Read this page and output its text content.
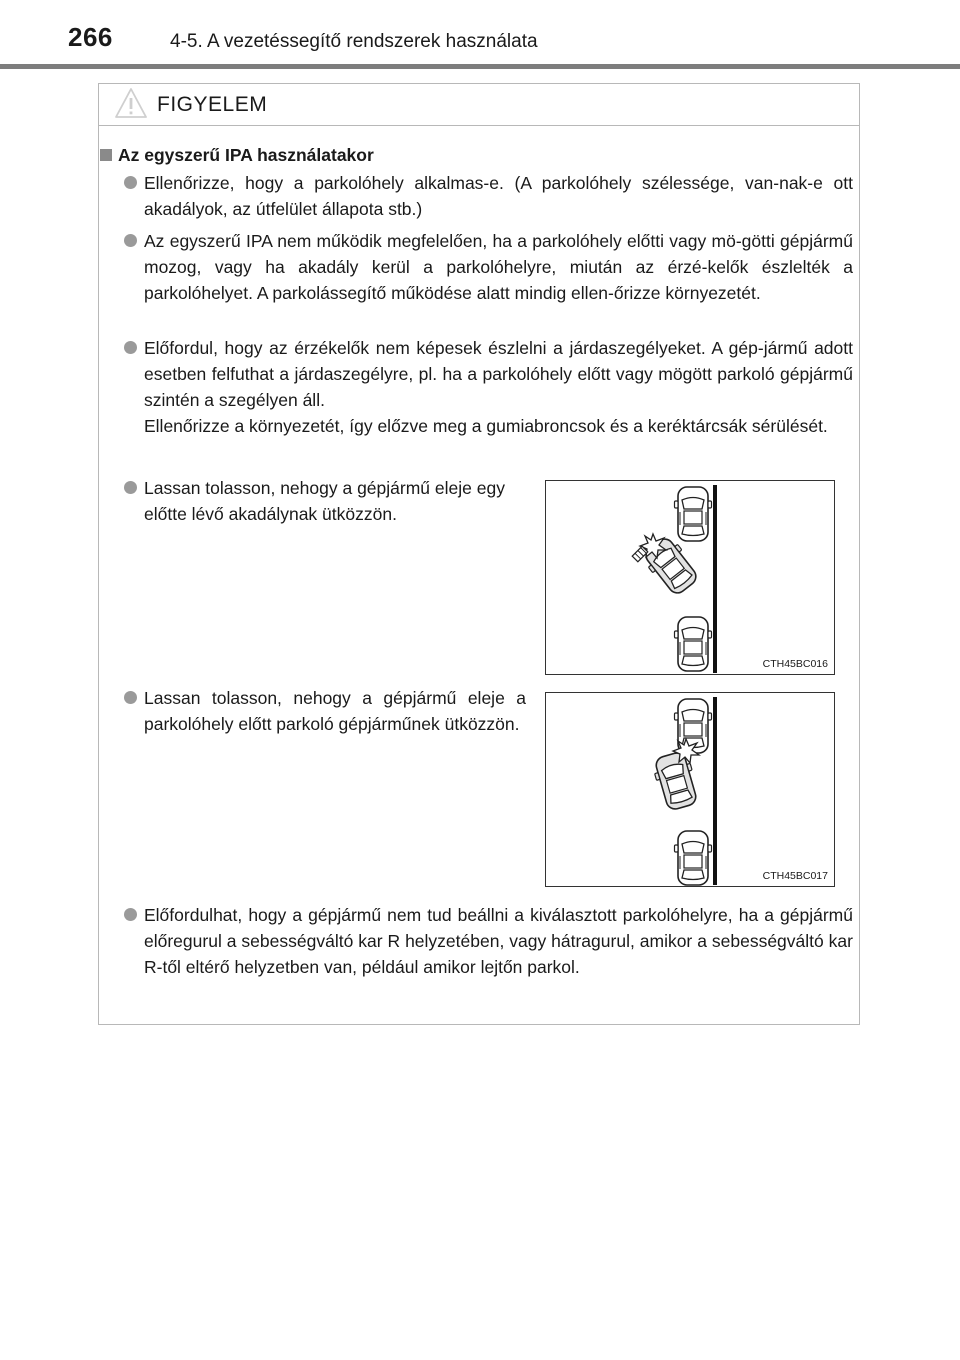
266	4-5. A vezetéssegítő rendszerek használata
FIGYELEM
Az egyszerű IPA használatakor

Ellenőrizze, hogy a parkolóhely alkalmas-e. (A parkolóhely szélessége, van-nak-e ott akadályok, az útfelület állapota stb.)

Az egyszerű IPA nem működik megfelelően, ha a parkolóhely előtti vagy mö-götti gépjármű mozog, vagy ha akadály kerül a parkolóhelyre, miután az érzé-kelők észlelték a parkolóhelyet. A parkolássegítő működése alatt mindig ellen-őrizze környezetét.

Előfordul, hogy az érzékelők nem képesek észlelni a járdaszegélyeket. A gép-jármű adott esetben felfuthat a járdaszegélyre, pl. ha a parkolóhely előtt vagy mögött parkoló gépjármű szintén a szegélyen áll.

Ellenőrizze a környezetét, így előzve meg a gumiabroncsok és a keréktárcsák sérülését.

Lassan tolasson, nehogy a gépjármű eleje egy előtte lévő akadálynak ütközzön.

CTH45BC016

Lassan tolasson, nehogy a gépjármű eleje a parkolóhely előtt parkoló gépjárműnek ütközzön.

CTH45BC017

Előfordulhat, hogy a gépjármű nem tud beállni a kiválasztott parkolóhelyre, ha a gépjármű előregurul a sebességváltó kar R helyzetében, vagy hátragurul, amikor a sebességváltó kar R-től eltérő helyzetben van, például amikor lejtőn parkol.
